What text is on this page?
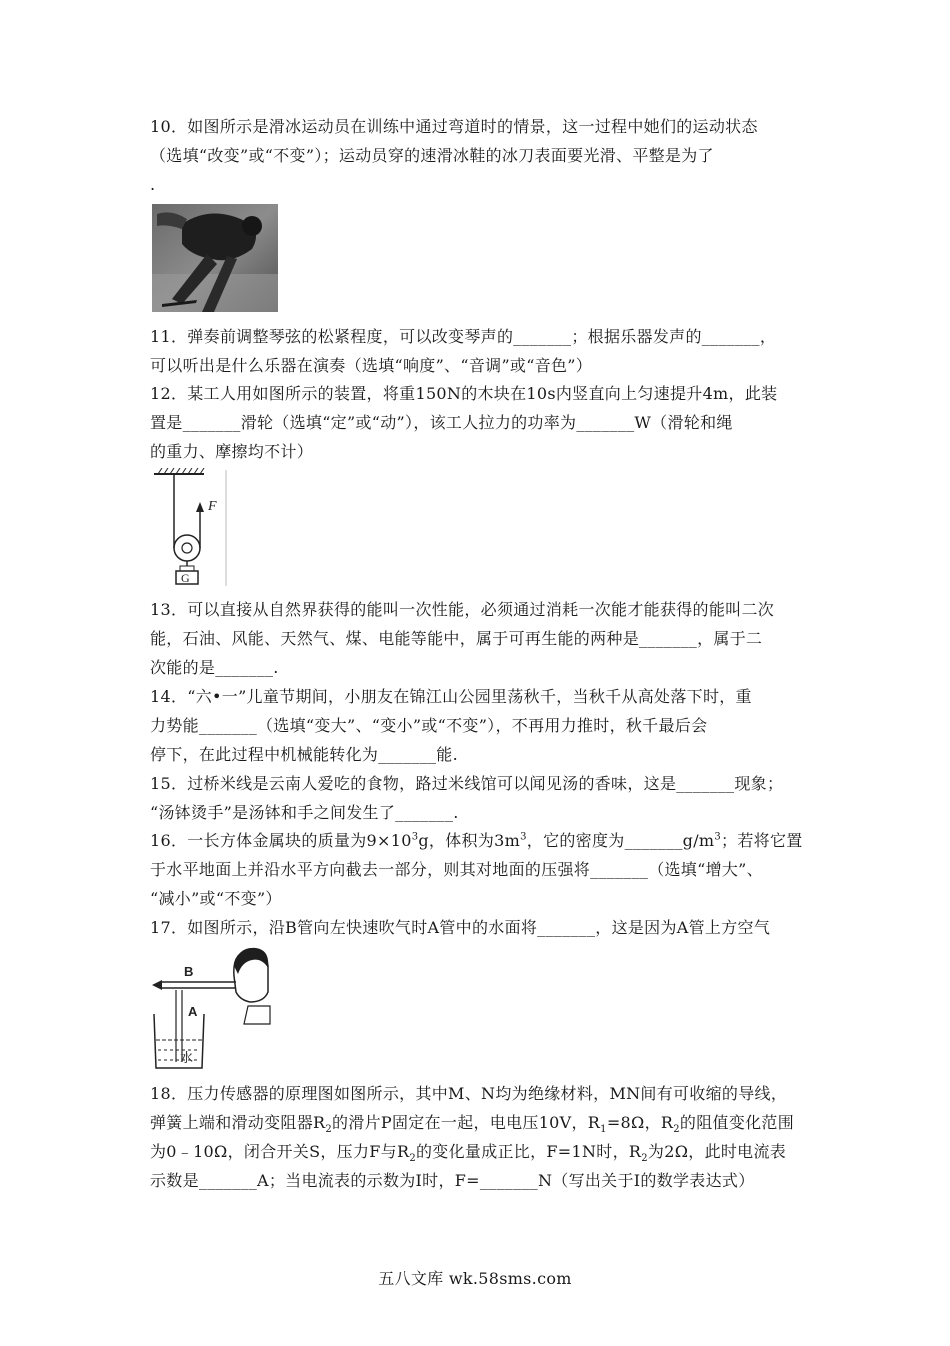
10．如图所示是滑冰运动员在训练中通过弯道时的情景，这一过程中她们的运动状态
（选填“改变”或“不变”）；运动员穿的速滑冰鞋的冰刀表面要光滑、平整是为了
.
11．弹奏前调整琴弦的松紧程度，可以改变琴声的_______；根据乐器发声的_______，
可以听出是什么乐器在演奏（选填“响度”、“音调”或“音色”）
12．某工人用如图所示的装置，将重150N的木块在10s内竖直向上匀速提升4m，此装
置是_______滑轮（选填“定”或“动”），该工人拉力的功率为_______W（滑轮和绳
的重力、摩擦均不计）
F
G
13．可以直接从自然界获得的能叫一次性能，必须通过消耗一次能才能获得的能叫二次
能，石油、风能、天然气、煤、电能等能中，属于可再生能的两种是_______，属于二
次能的是_______.
14．“六•一”儿童节期间，小朋友在锦江山公园里荡秋千，当秋千从高处落下时，重
力势能_______（选填“变大”、“变小”或“不变”），不再用力推时，秋千最后会
停下，在此过程中机械能转化为_______能.
15．过桥米线是云南人爱吃的食物，路过米线馆可以闻见汤的香味，这是_______现象；
“汤钵烫手”是汤钵和手之间发生了_______.
16．一长方体金属块的质量为$9\times 10^3g$，体积为$3m^3$，它的密度为$\_\_\_\_\_\_\_g/m^3$；若将它置
于水平地面上并沿水平方向截去一部分，则其对地面的压强将_______（选填“增大”、
“减小”或“不变”）
17．如图所示，沿B管向左快速吹气时A管中的水面将_______，这是因为A管上方空气
B
A
水
18．压力传感器的原理图如图所示，其中M、N均为绝缘材料，MN间有可收缩的导线，
弹簧上端和滑动变阻器$R_2$的滑片P固定在一起，电电压10V，$R_1=8\Omega$，$R_2$的阻值变化范围
为0﹣10Ω，闭合开关S，压力F与$R_2$的变化量成正比，F=1N时，$R_2$为2Ω，此时电流表
示数是_______A；当电流表的示数为I时，F=_______N（写出关于I的数学表达式）
五八文库 wk.58sms.com
